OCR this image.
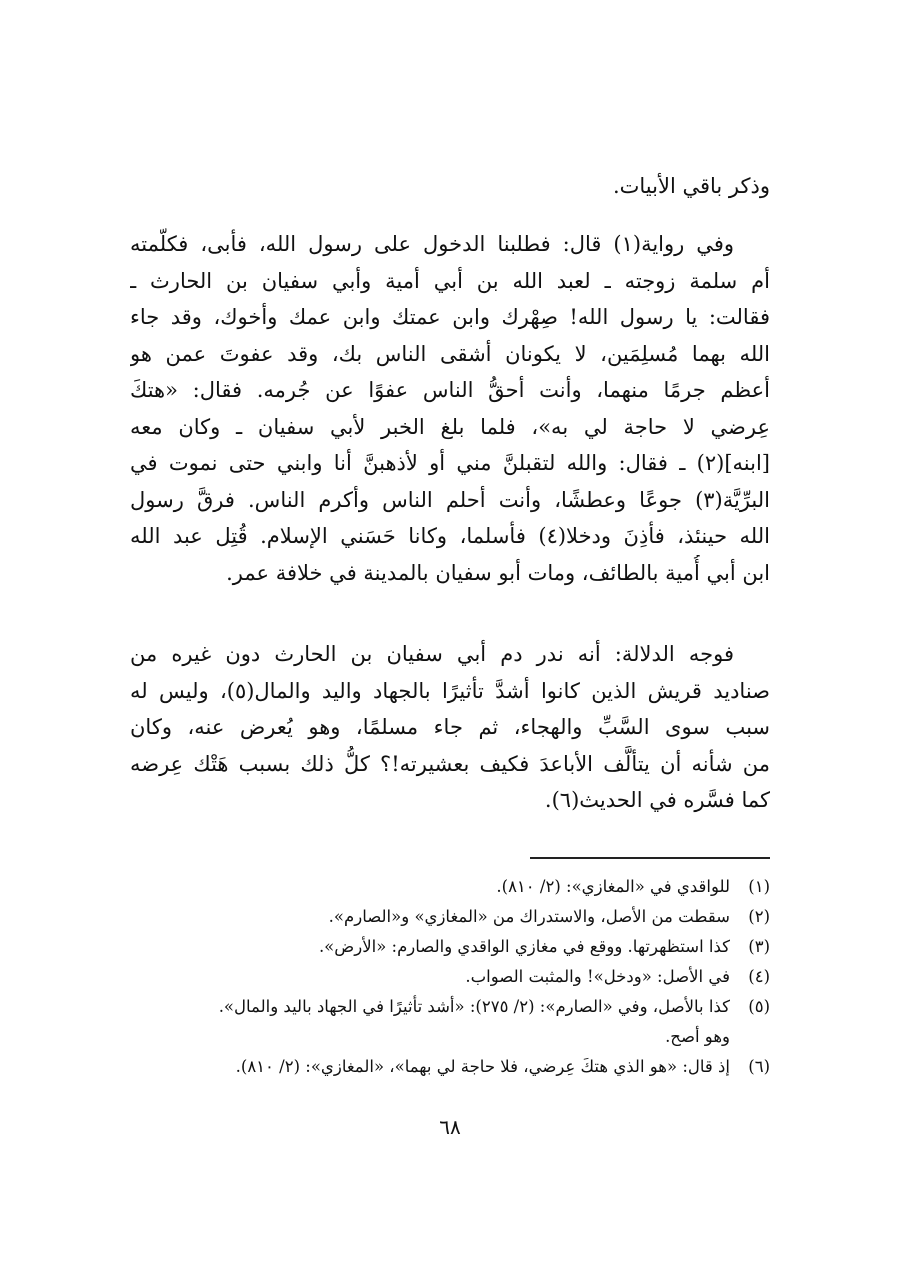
وذكر باقي الأبيات.
وفي رواية(١) قال: فطلبنا الدخول على رسول الله، فأبى، فكلّمته
أم سلمة زوجته ـ لعبد الله بن أبي أمية وأبي سفيان بن الحارث ـ
فقالت: يا رسول الله! صِهْرك وابن عمتك وابن عمك وأخوك، وقد جاء
الله بهما مُسلِمَين، لا يكونان أشقى الناس بك، وقد عفوتَ عمن هو
أعظم جرمًا منهما، وأنت أحقُّ الناس عفوًا عن جُرمه. فقال: «هتكَ
عِرضي لا حاجة لي به»، فلما بلغ الخبر لأبي سفيان ـ وكان معه
[ابنه](٢) ـ فقال: والله لتقبلنَّ مني أو لأذهبنَّ أنا وابني حتى نموت في
البرِّيَّة(٣) جوعًا وعطشًا، وأنت أحلم الناس وأكرم الناس. فرقَّ رسول
الله حينئذ، فأذِنَ ودخلا(٤) فأسلما، وكانا حَسَني الإسلام. قُتِل عبد الله
ابن أبي أُمية بالطائف، ومات أبو سفيان بالمدينة في خلافة عمر.
فوجه الدلالة: أنه ندر دم أبي سفيان بن الحارث دون غيره من
صناديد قريش الذين كانوا أشدَّ تأثيرًا بالجهاد واليد والمال(٥)، وليس له
سبب سوى السَّبِّ والهجاء، ثم جاء مسلمًا، وهو يُعرض عنه، وكان
من شأنه أن يتألَّف الأباعدَ فكيف بعشيرته!؟ كلُّ ذلك بسبب هَتْك عِرضه
كما فسَّره في الحديث(٦).
(١)
للواقدي في «المغازي»: (٢/ ٨١٠).
(٢)
سقطت من الأصل، والاستدراك من «المغازي» و«الصارم».
(٣)
كذا استظهرتها. ووقع في مغازي الواقدي والصارم: «الأرض».
(٤)
في الأصل: «ودخل»! والمثبت الصواب.
(٥)
كذا بالأصل، وفي «الصارم»: (٢/ ٢٧٥): «أشد تأثيرًا في الجهاد باليد والمال».
وهو أصح.
(٦)
إذ قال: «هو الذي هتكَ عِرضي، فلا حاجة لي بهما»، «المغازي»: (٢/ ٨١٠).
٦٨
